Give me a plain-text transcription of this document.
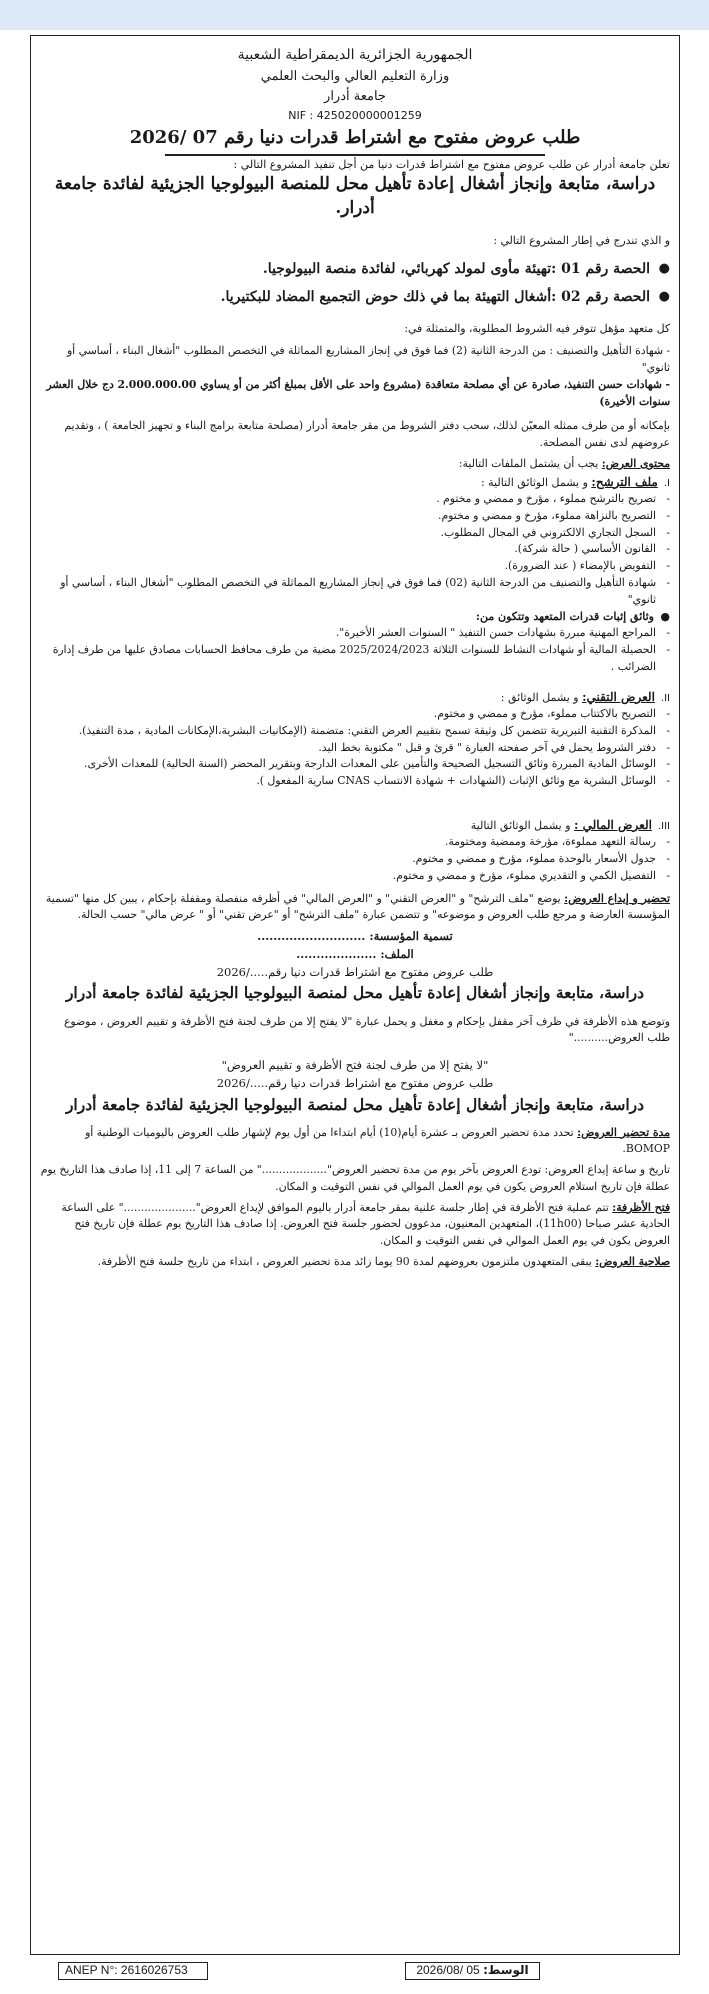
الجمهورية الجزائرية الديمقراطية الشعبية

وزارة التعليم العالي والبحث العلمي

جامعة أدرار

NIF : 425020000001259

طلب عروض مفتوح مع اشتراط قدرات دنيا رقم 07 /2026

تعلن جامعة أدرار عن طلب عروض مفتوح مع اشتراط قدرات دنيا من أجل تنفيذ المشروع التالي :

دراسة، متابعة وإنجاز أشغال إعادة تأهيل محل للمنصة البيولوجيا الجزيئية لفائدة جامعة أدرار.

و الذي تندرج في إطار المشروع التالي :

● الحصة رقم 01 :تهيئة مأوى لمولد كهربائي، لفائدة منصة البيولوجيا.

● الحصة رقم 02 :أشغال التهيئة بما في ذلك حوض التجميع المضاد للبكتيريا.

كل متعهد مؤهل تتوفر فيه الشروط المطلوبة، والمتمثلة في:

- شهادة التأهيل والتصنيف : من الدرجة الثانية (2) فما فوق في إنجاز المشاريع المماثلة في التخصص المطلوب "أشغال البناء ، أساسي أو ثانوي"

- شهادات حسن التنفيذ، صادرة عن أي مصلحة متعاقدة (مشروع واحد على الأقل بمبلغ أكثر من أو يساوي 2.000.000.00 دج خلال العشر سنوات الأخيرة)

بإمكانه أو من طرف ممثله المعيّن لذلك، سحب دفتر الشروط من مقر جامعة أدرار (مصلحة متابعة برامج البناء و تجهيز الجامعة ) ، وتقديم عروضهم لدى نفس المصلحة.

محتوى العرض: يجب أن يشتمل الملفات التالية:

I.ملف الترشح: و يشمل الوثائق التالية :

- تصريح بالترشح مملوء ، مؤرخ و ممضي و مختوم .

- التصريح بالنزاهة مملوء، مؤرخ و ممضي و مختوم.

- السجل التجاري الالكتروني في المجال المطلوب.

- القانون الأساسي ( حالة شركة).

- التفويض بالإمضاء ( عند الضرورة).

- شهادة التأهيل والتصنيف من الدرجة الثانية (02) فما فوق في إنجاز المشاريع المماثلة في التخصص المطلوب "أشغال البناء ، أساسي أو ثانوي"

● وثائق إثبات قدرات المتعهد وتتكون من:

- المراجع المهنية مبررة بشهادات حسن التنفيذ " السنوات العشر الأخيرة".

- الحصيلة المالية أو شهادات النشاط للسنوات الثلاثة 2025/2024/2023 مضية من طرف محافظ الحسابات مصادق عليها من طرف إدارة الضرائب .

II.العرض التقني: و يشمل الوثائق :

- التصريح بالاكتتاب مملوء، مؤرخ و ممضي و مختوم.

- المذكرة التقنية التبريرية تتضمن كل وثيقة تسمح بتقييم العرض التقني: متضمنة (الإمكانيات البشرية،الإمكانات المادية ، مدة التنفيذ).

- دفتر الشروط يحمل في آخر صفحته العبارة " قرئ و قبل " مكتوبة بخط اليد.

- الوسائل المادية المبررة وثائق التسجيل الصحيحة والتأمين على المعدات الدارجة وبتقرير المحضر (السنة الحالية) للمعدات الأخرى.

- الوسائل البشرية مع وثائق الإثبات (الشهادات + شهادة الانتساب CNAS سارية المفعول ).

III.العرض المالي : و يشمل الوثائق التالية

- رسالة التعهد مملوءة، مؤرخة وممضية ومختومة.

- جدول الأسعار بالوحدة مملوء، مؤرخ و ممضي و مختوم.

- التفصيل الكمي و التقديري مملوء، مؤرخ و ممضي و مختوم.

تحضير و إيداع العروض: يوضع "ملف الترشح" و "العرض التقني" و "العرض المالي" في أظرفه منفصلة ومقفلة بإحكام ، يبين كل منها "تسمية المؤسسة العارضة و مرجع طلب العروض و موضوعه" و تتضمن عبارة "ملف الترشح" أو "عرض تقني" أو " عرض مالي" حسب الحالة.

تسمية المؤسسة: ...........................

الملف: ....................

طلب عروض مفتوح مع اشتراط قدرات دنيا رقم...../2026

دراسة، متابعة وإنجاز أشغال إعادة تأهيل محل لمنصة البيولوجيا الجزيئية لفائدة جامعة أدرار

وتوضع هذه الأظرفة في ظرف آخر مقفل بإحكام و مغفل و يحمل عبارة "لا يفتح إلا من طرف لجنة فتح الأظرفة و تقييم العروض ، موضوع طلب العروض.........."

"لا يفتح إلا من طرف لجنة فتح الأظرفة و تقييم العروض"

طلب عروض مفتوح مع اشتراط قدرات دنيا رقم...../2026

دراسة، متابعة وإنجاز أشغال إعادة تأهيل محل لمنصة البيولوجيا الجزيئية لفائدة جامعة أدرار

مدة تحضير العروض: تحدد مدة تحضير العروض بـ عشرة أيام(10) أيام ابتداءا من أول يوم لإشهار طلب العروض باليوميات الوطنية أو BOMOP.

تاريخ و ساعة إيداع العروض: تودع العروض بآخر يوم من مدة تحضير العروض"..................." من الساعة 7 إلى 11، إذا صادف هذا التاريخ يوم عطلة فإن تاريخ استلام العروض يكون في يوم العمل الموالي في نفس التوقيت و المكان.

فتح الأظرفة: تتم عملية فتح الأظرفة في إطار جلسة علنية بمقر جامعة أدرار باليوم الموافق لإيداع العروض"....................." على الساعة الحادية عشر صباحا (11h00)، المتعهدين المعنيون، مدعوون لحضور جلسة فتح العروض. إذا صادف هذا التاريخ يوم عطلة فإن تاريخ فتح العروض يكون في يوم العمل الموالي في نفس التوقيت و المكان.

صلاحية العروض: يبقى المتعهدون ملتزمون بعروضهم لمدة 90 يوما زائد مدة تحضير العروض ، ابتداء من تاريخ جلسة فتح الأظرفة.

ANEP N°: 2616026753	الوسط: 2026/08/ 05
